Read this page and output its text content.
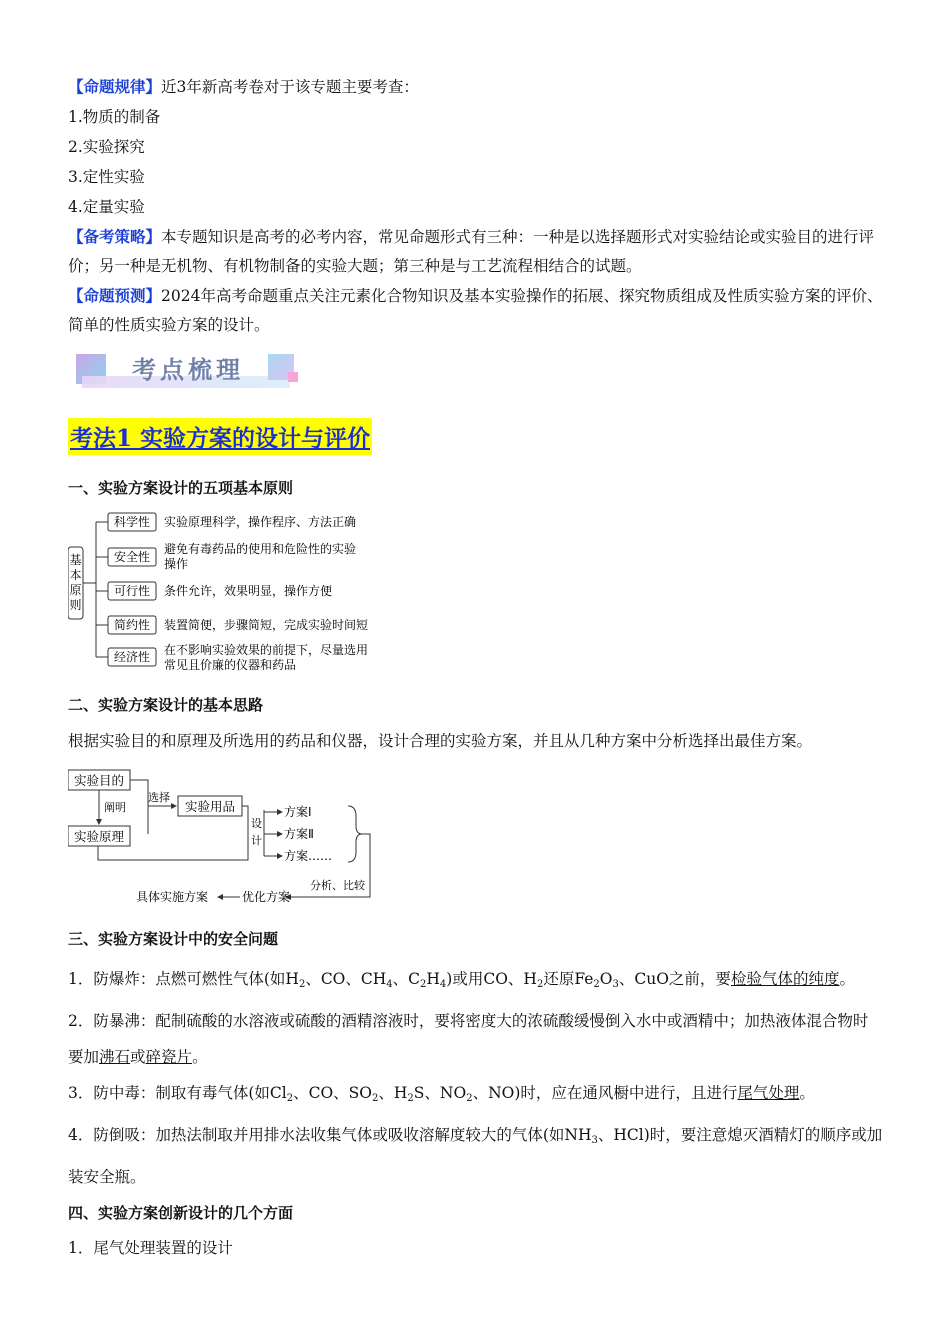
【命题规律】近3年新高考卷对于该专题主要考查：

1.物质的制备

2.实验探究

3.定性实验

4.定量实验

【备考策略】本专题知识是高考的必考内容，常见命题形式有三种：一种是以选择题形式对实验结论或实验目的进行评价；另一种是无机物、有机物制备的实验大题；第三种是与工艺流程相结合的试题。

【命题预测】2024年高考命题重点关注元素化合物知识及基本实验操作的拓展、探究物质组成及性质实验方案的评价、简单的性质实验方案的设计。

考点梳理
考法1 实验方案的设计与评价

一、实验方案设计的五项基本原则

基
本
原
则
科学性 实验原理科学，操作程序、方法正确
安全性
避免有毒药品的使用和危险性的实验
操作
可行性 条件允许，效果明显，操作方便
简约性 装置简便，步骤简短，完成实验时间短
经济性 在不影响实验效果的前提下，尽量选用
常见且价廉的仪器和药品

二、实验方案设计的基本思路

根据实验目的和原理及所选用的药品和仪器，设计合理的实验方案，并且从几种方案中分析选择出最佳方案。

实验目的
阐明
实验原理
选择
实验用品
设
计
方案Ⅰ
方案Ⅱ
方案……
分析、比较
优化方案
具体实施方案

三、实验方案设计中的安全问题

1．防爆炸：点燃可燃性气体(如$H_2$、CO、$CH_4$、$C_2H_4$)或用CO、$H_2$还原$Fe_2O_3$、CuO之前，要检验气体的纯度。

2．防暴沸：配制硫酸的水溶液或硫酸的酒精溶液时，要将密度大的浓硫酸缓慢倒入水中或酒精中；加热液体混合物时要加沸石或碎瓷片。

3．防中毒：制取有毒气体(如$Cl_2$、CO、$SO_2$、$H_2S$、$NO_2$、NO)时，应在通风橱中进行，且进行尾气处理。

4．防倒吸：加热法制取并用排水法收集气体或吸收溶解度较大的气体(如$NH_3$、HCl)时，要注意熄灭酒精灯的顺序或加装安全瓶。

四、实验方案创新设计的几个方面

1．尾气处理装置的设计
